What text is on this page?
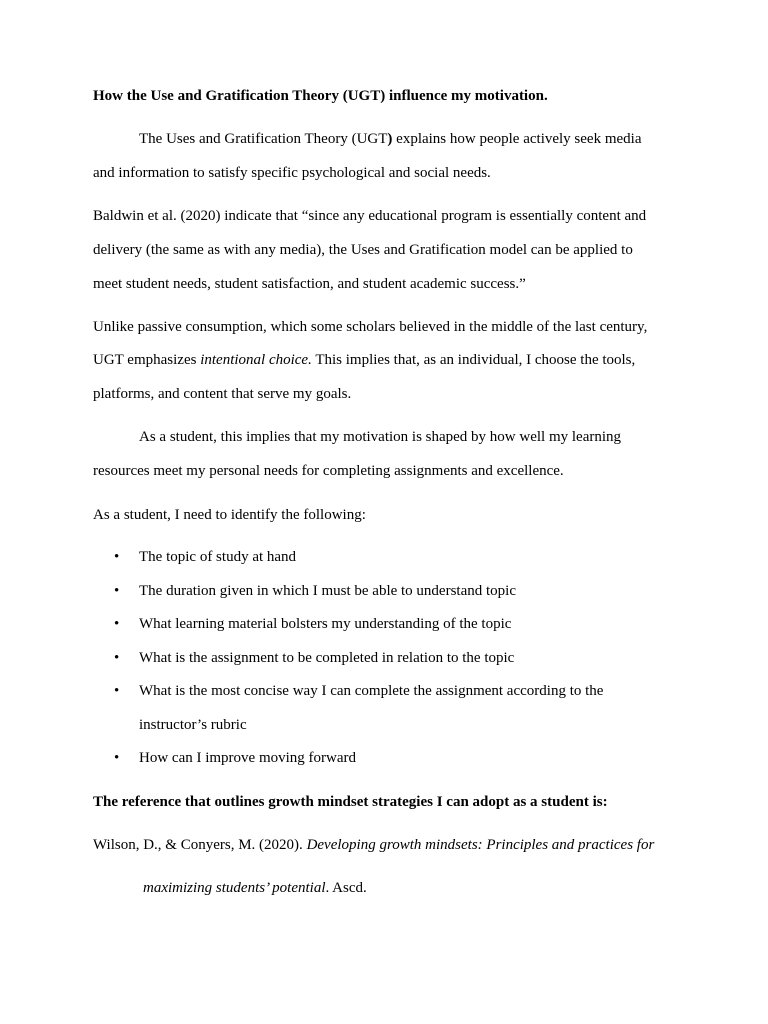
How the Use and Gratification Theory (UGT) influence my motivation.
The Uses and Gratification Theory (UGT) explains how people actively seek media
and information to satisfy specific psychological and social needs.
Baldwin et al. (2020) indicate that “since any educational program is essentially content and
delivery (the same as with any media), the Uses and Gratification model can be applied to
meet student needs, student satisfaction, and student academic success.”
Unlike passive consumption, which some scholars believed in the middle of the last century,
UGT emphasizes intentional choice. This implies that, as an individual, I choose the tools,
platforms, and content that serve my goals.
As a student, this implies that my motivation is shaped by how well my learning
resources meet my personal needs for completing assignments and excellence.
As a student, I need to identify the following:
• The topic of study at hand
• The duration given in which I must be able to understand topic
• What learning material bolsters my understanding of the topic
• What is the assignment to be completed in relation to the topic
• What is the most concise way I can complete the assignment according to the
instructor’s rubric
• How can I improve moving forward
The reference that outlines growth mindset strategies I can adopt as a student is:
Wilson, D., & Conyers, M. (2020). Developing growth mindsets: Principles and practices for
maximizing students’ potential. Ascd.
